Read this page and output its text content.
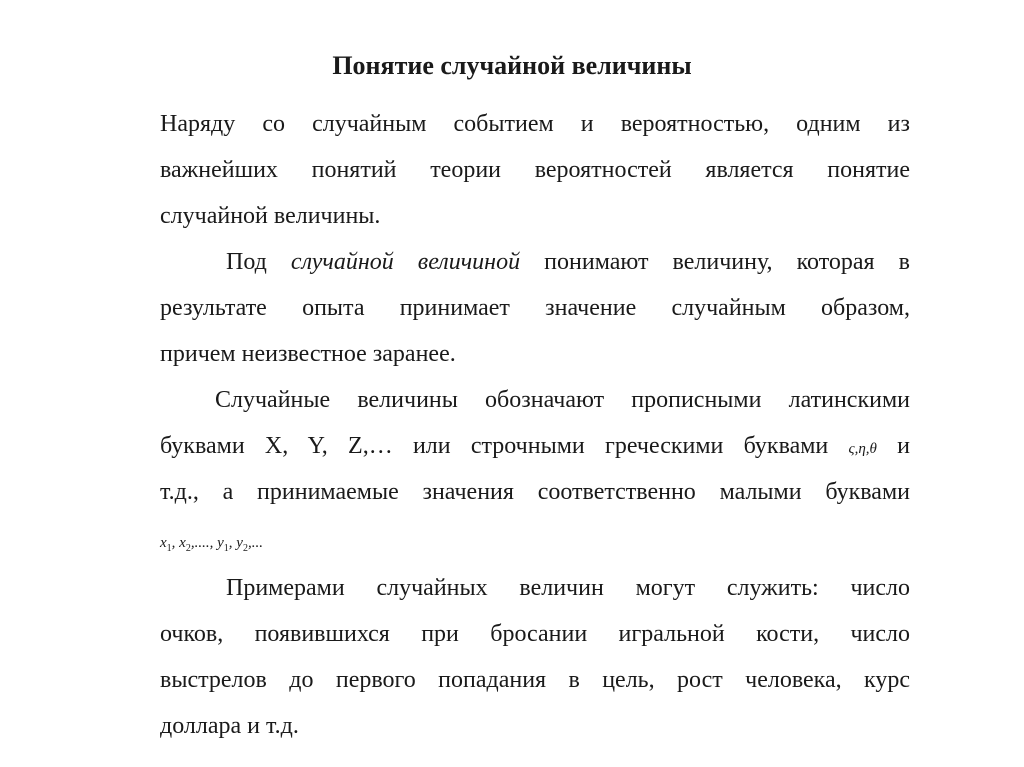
Понятие случайной величины
Наряду со случайным событием и вероятностью, одним из
важнейших понятий теории вероятностей является понятие
случайной величины.
Под случайной величиной понимают величину, которая в
результате опыта принимает значение случайным образом,
причем неизвестное заранее.
Случайные величины обозначают прописными латинскими
буквами X, Y, Z,… или строчными греческими буквами ς,η,θ и
т.д., а принимаемые значения соответственно малыми буквами
$x_1$, $x_2$,...., $y_1$, $y_2$,...
Примерами случайных величин могут служить: число
очков, появившихся при бросании игральной кости, число
выстрелов до первого попадания в цель, рост человека, курс
доллара и т.д.
